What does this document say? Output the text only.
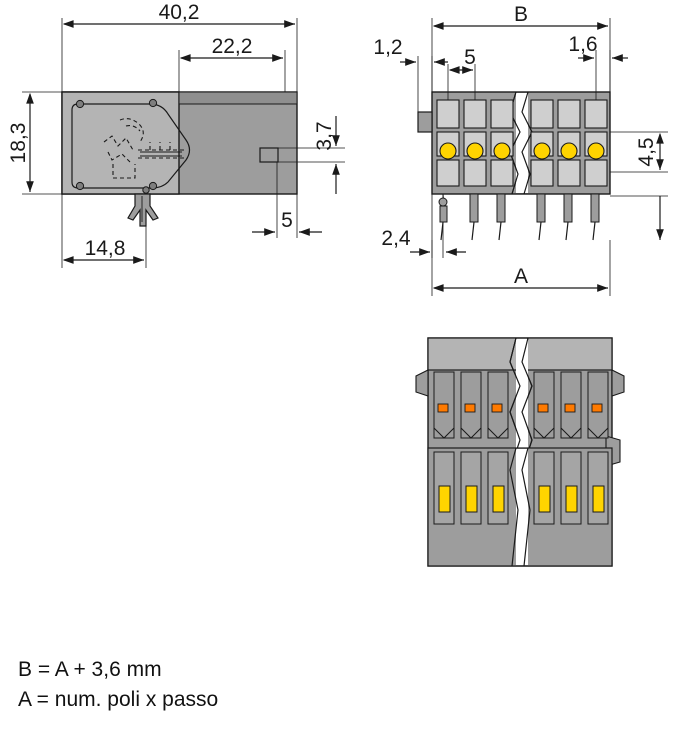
40,2
22,2
18,3	3,7
5
14,8
B
1,2	5
1,6
4,5
2,4
A
B = A + 3,6 mm
A = num. poli x passo
